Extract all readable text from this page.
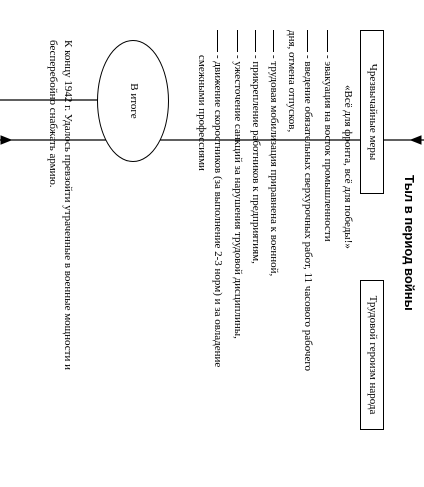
Тыл в период войны
Чрезвычайные меры
Трудовой героизм народа
«Всё для фронта, всё для победы!»
- эвакуация на восток промышленности
- введение обязательных сверхурочных работ, 11 часового рабочего
дня, отмена отпусков,
- трудовая мобилизация приравнена к военной,
- прикрепление работников к предприятиям,
- ужесточение санкций за нарушения трудовой дисциплины,
- движение скоростников (за выполнение 2-3 норм) и за овладение
смежными профессиями
В итоге
К концу 1942 г. Удалось превзойти утраченные в военные мощности и
бесперебойно снабжать армию.
